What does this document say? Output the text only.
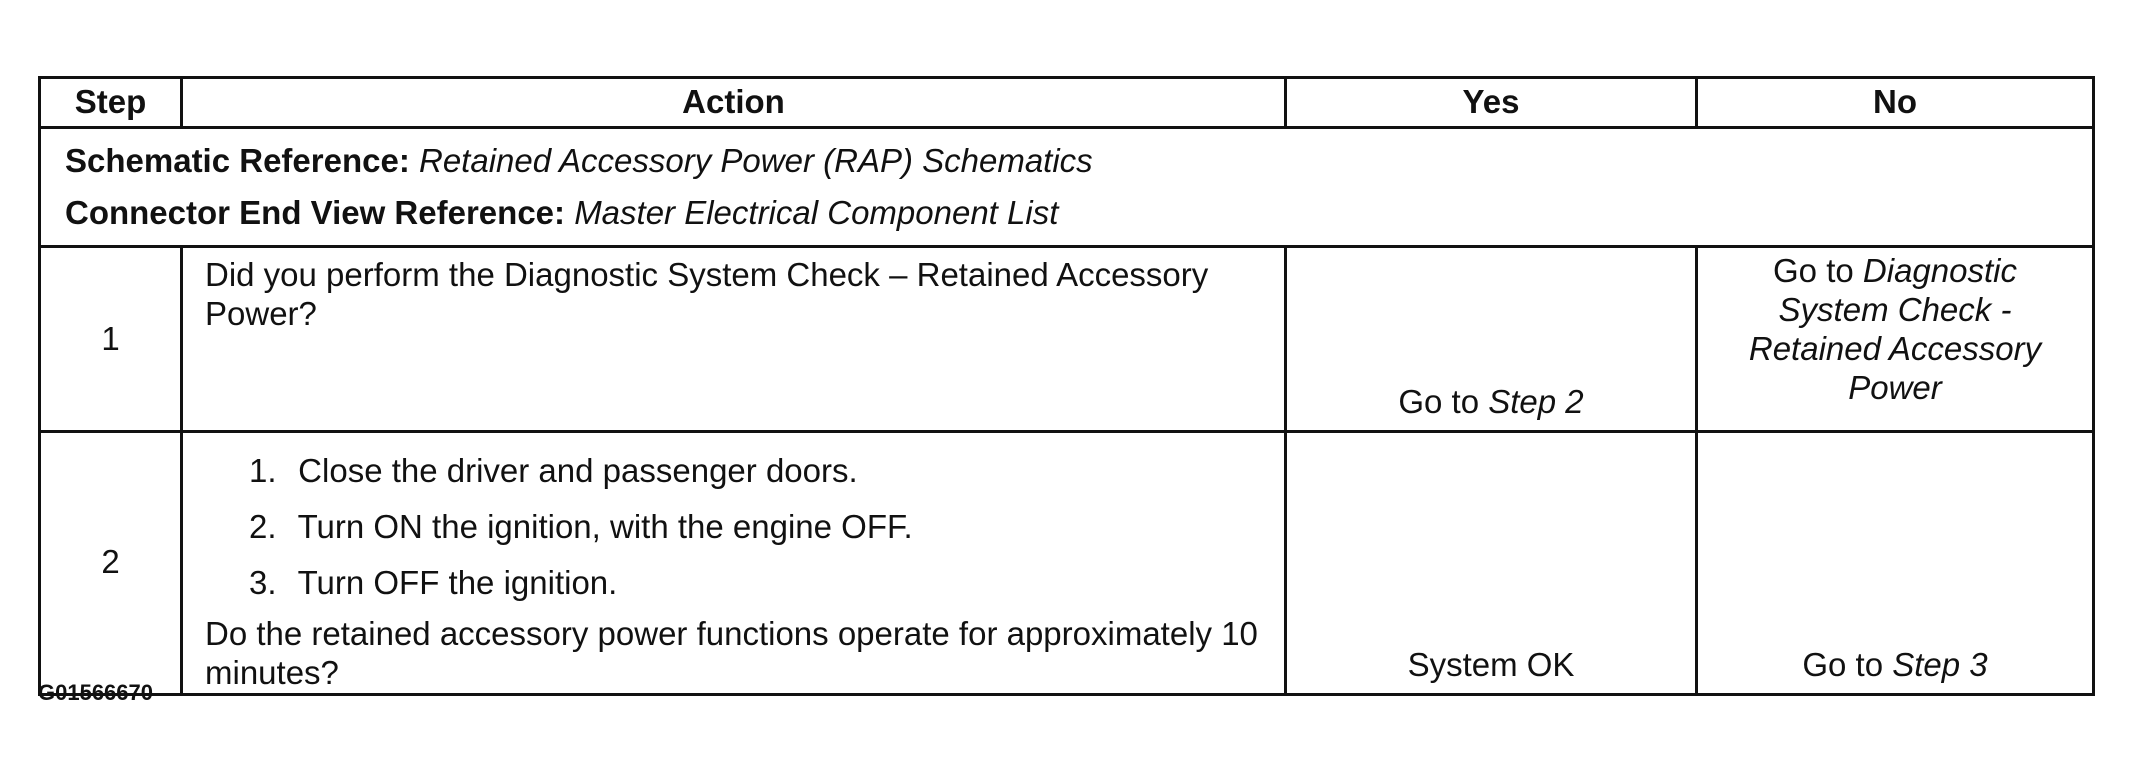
Step	Action	Yes	No

Schematic Reference: Retained Accessory Power (RAP) Schematics
Connector End View Reference: Master Electrical Component List			

1	Did you perform the Diagnostic System Check – Retained Accessory Power?	Go to Step 2	Go to Diagnostic System Check - Retained Accessory Power
2	1. Close the driver and passenger doors.
2. Turn ON the ignition, with the engine OFF.
3. Turn OFF the ignition.
Do the retained accessory power functions operate for approximately 10 minutes?	System OK	Go to Step 3
G01566670
